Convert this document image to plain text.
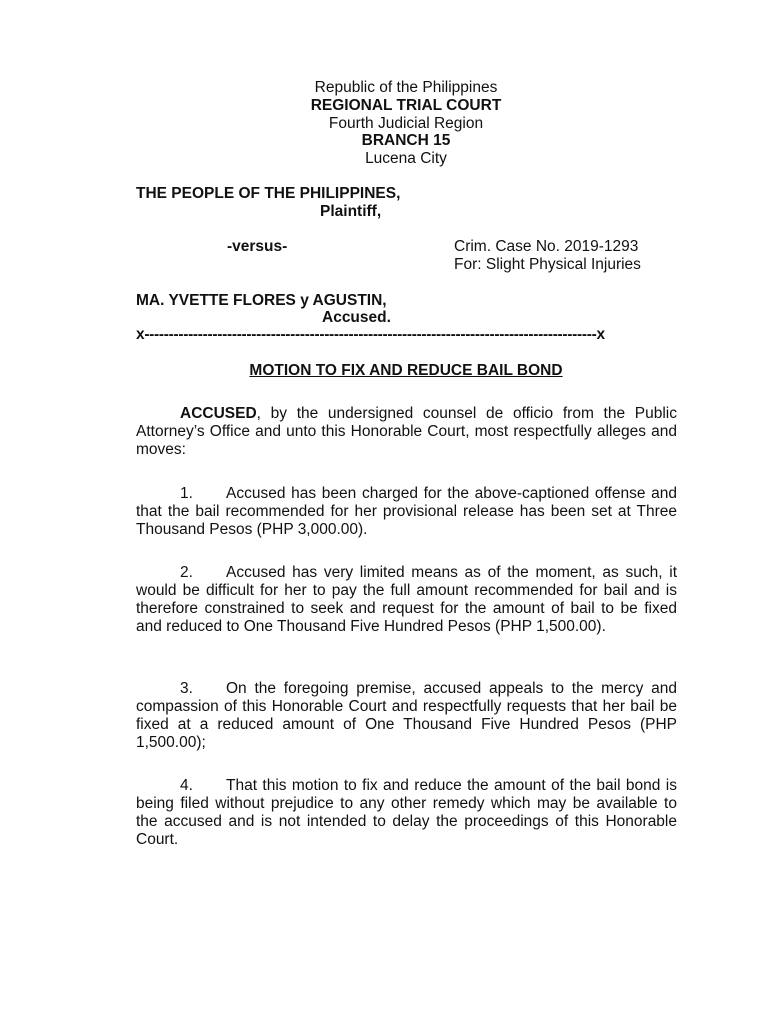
Republic of the Philippines
REGIONAL TRIAL COURT
Fourth Judicial Region
BRANCH 15
Lucena City
THE PEOPLE OF THE PHILIPPINES,
Plaintiff,
-versus-	Crim. Case No. 2019-1293
For: Slight Physical Injuries
MA. YVETTE FLORES y AGUSTIN,
Accused.
x---------------------------------------------------------------------------------------------x
MOTION TO FIX AND REDUCE BAIL BOND
ACCUSED, by the undersigned counsel de officio from the Public Attorney’s Office and unto this Honorable Court, most respectfully alleges and moves:
1. Accused has been charged for the above-captioned offense and that the bail recommended for her provisional release has been set at Three Thousand Pesos (PHP 3,000.00).
2. Accused has very limited means as of the moment, as such, it would be difficult for her to pay the full amount recommended for bail and is therefore constrained to seek and request for the amount of bail to be fixed and reduced to One Thousand Five Hundred Pesos (PHP 1,500.00).
3. On the foregoing premise, accused appeals to the mercy and compassion of this Honorable Court and respectfully requests that her bail be fixed at a reduced amount of One Thousand Five Hundred Pesos (PHP 1,500.00);
4. That this motion to fix and reduce the amount of the bail bond is being filed without prejudice to any other remedy which may be available to the accused and is not intended to delay the proceedings of this Honorable Court.
